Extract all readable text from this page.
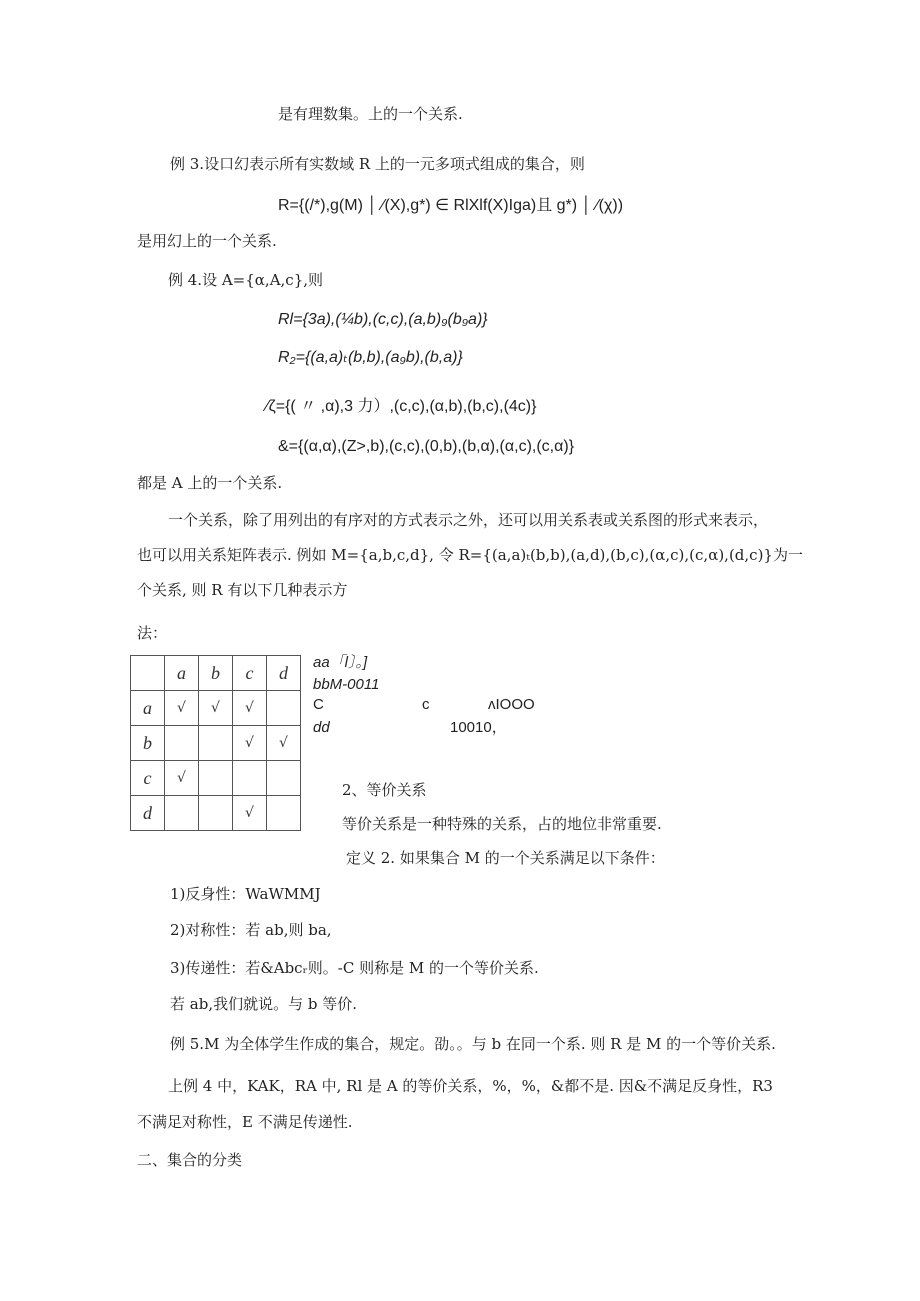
是有理数集。上的一个关系.
例 3.设口幻表示所有实数域 R 上的一元多项式组成的集合，则
R={(/*),g(M) │ ∕(X),g*) ∈ RlXlf(X)Iga)且 g*) │ ∕(χ))
是用幻上的一个关系.
例 4.设 A={α,A,c},则
Rl={3a),(¼b),(c,c),(a,b)₉(b₉a)}
R₂={(a,a)ₜ(b,b),(a₉b),(b,a)}
∕ζ={( 〃 ,α),3 力）,(c,c),(α,b),(b,c),(4c)}
&={(α,α),(Z>,b),(c,c),(0,b),(b,α),(α,c),(c,α)}
都是 A 上的一个关系.
一个关系，除了用列出的有序对的方式表示之外，还可以用关系表或关系图的形式来表示，
也可以用关系矩阵表示. 例如 M={a,b,c,d}, 令 R={(a,a)ₜ(b,b),(a,d),(b,c),(α,c),(c,α),(d,c)}为一
个关系, 则 R 有以下几种表示方
法：
	a	b	c	d
a	√	√	√	
b			√	√
c	√			
d			√	
aa「l〕。]
bbM-0011
C	c	ᴧIOOO
dd	10010，
2、等价关系
等价关系是一种特殊的关系，占的地位非常重要.
定义 2. 如果集合 M 的一个关系满足以下条件：
1)反身性：WaWMMJ
2)对称性：若 ab,则 ba,
3)传递性：若&Abcᵣ则。-C 则称是 M 的一个等价关系.
若 ab,我们就说。与 b 等价.
例 5.M 为全体学生作成的集合，规定。劭。。与 b 在同一个系. 则 R 是 M 的一个等价关系.
上例 4 中，KAK，RA 中, Rl 是 A 的等价关系，%，%，&都不是. 因&不满足反身性，R3
不满足对称性，E 不满足传递性.
二、集合的分类
